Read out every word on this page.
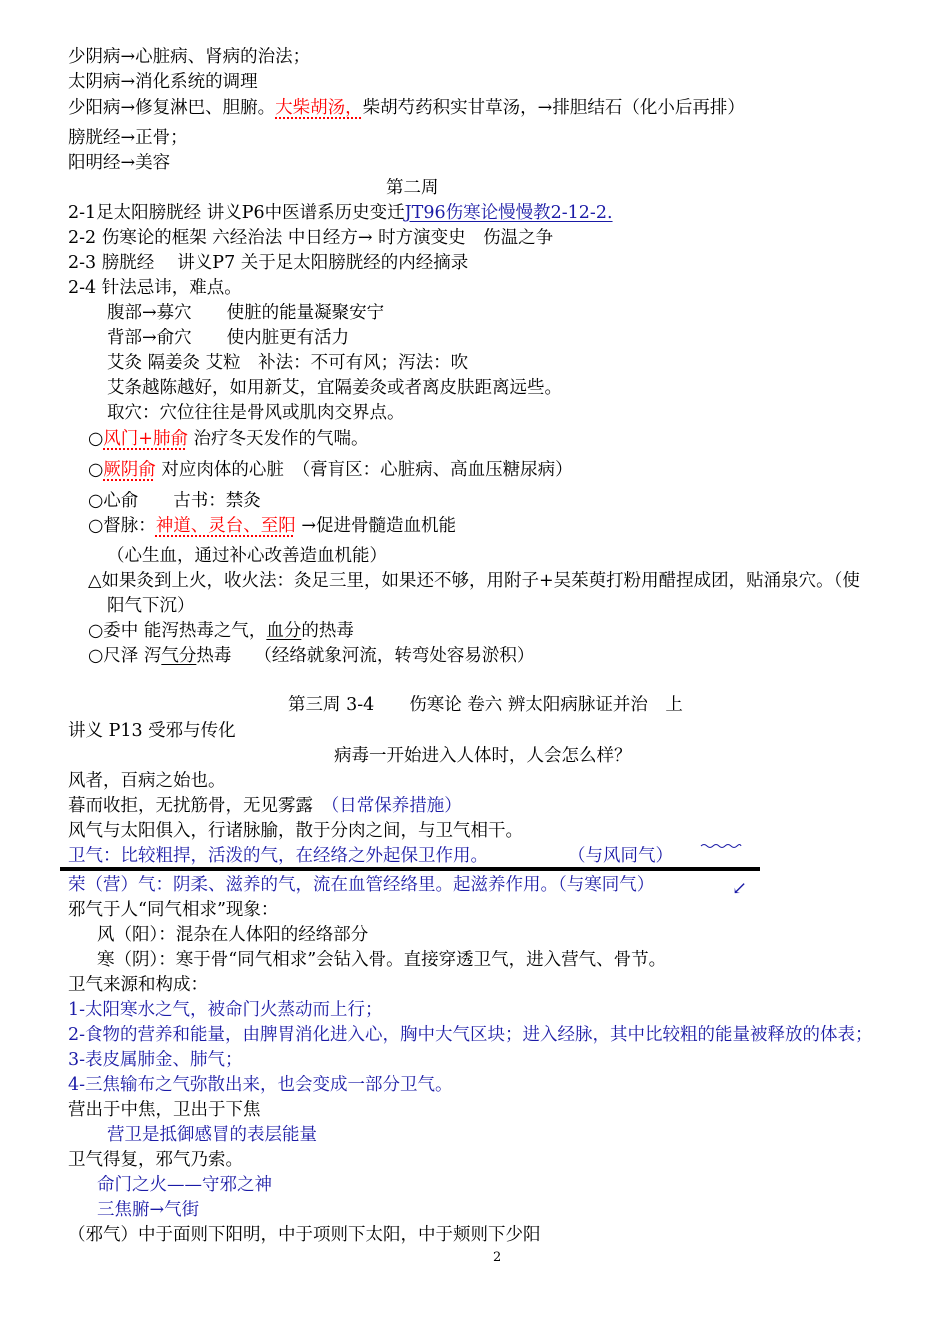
少阴病→心脏病、肾病的治法；
太阴病→消化系统的调理
少阳病→修复淋巴、胆腑。大柴胡汤，柴胡芍药积实甘草汤，→排胆结石（化小后再排）
膀胱经→正骨；
阳明经→美容
第二周
2-1足太阳膀胱经 讲义P6中医谱系历史变迁JT96伤寒论慢慢教2-12-2.
2-2 伤寒论的框架 六经治法 中日经方→ 时方演变史　伤温之争
2-3 膀胱经　 讲义P7 关于足太阳膀胱经的内经摘录
2-4 针法忌讳，难点。
腹部→募穴　　使脏的能量凝聚安宁
背部→俞穴　　使内脏更有活力
艾灸 隔姜灸 艾粒　补法：不可有风；泻法：吹
艾条越陈越好，如用新艾，宜隔姜灸或者离皮肤距离远些。
取穴：穴位往往是骨风或肌肉交界点。
○风门+肺俞 治疗冬天发作的气喘。
○厥阴俞 对应肉体的心脏　（膏肓区：心脏病、高血压糖尿病）
○心俞　　古书：禁灸
○督脉：神道、灵台、至阳 →促进骨髓造血机能
（心生血，通过补心改善造血机能）
△如果灸到上火，收火法：灸足三里，如果还不够，用附子+吴茱萸打粉用醋捏成团，贴涌泉穴。（使
阳气下沉）
○委中 能泻热毒之气，血分的热毒
○尺泽 泻气分热毒　 （经络就象河流，转弯处容易淤积）
第三周 3-4　　伤寒论 卷六 辨太阳病脉证并治　上
讲义 P13 受邪与传化
病毒一开始进入人体时，人会怎么样？
风者，百病之始也。
暮而收拒，无扰筋骨，无见雾露　（日常保养措施）
风气与太阳俱入，行诸脉腧，散于分肉之间，与卫气相干。
卫气：比较粗捍，活泼的气，在经络之外起保卫作用。	（与风同气）
荣（营）气：阴柔、滋养的气，流在血管经络里。起滋养作用。（与寒同气）	↙
邪气于人“同气相求”现象：
风（阳）：混杂在人体阳的经络部分
寒（阴）：寒于骨“同气相求”会钻入骨。直接穿透卫气，进入营气、骨节。
卫气来源和构成：
1-太阳寒水之气，被命门火蒸动而上行；
2-食物的营养和能量，由脾胃消化进入心，胸中大气区块；进入经脉，其中比较粗的能量被释放的体表；
3-表皮属肺金、肺气；
4-三焦输布之气弥散出来，也会变成一部分卫气。
营出于中焦，卫出于下焦
营卫是抵御感冒的表层能量
卫气得复，邪气乃索。
命门之火——守邪之神
三焦腑→气街
（邪气）中于面则下阳明，中于项则下太阳，中于颊则下少阳
2
